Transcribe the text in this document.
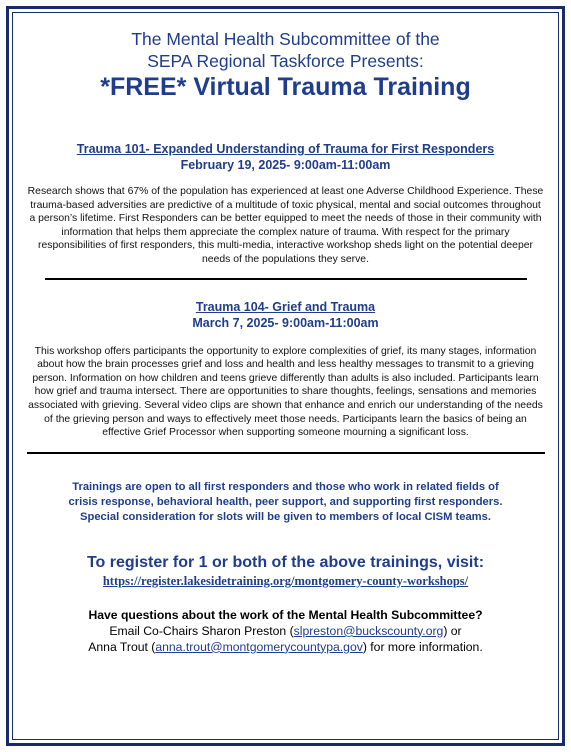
The Mental Health Subcommittee of the

SEPA Regional Taskforce Presents:

*FREE* Virtual Trauma Training

Trauma 101- Expanded Understanding of Trauma for First Responders

February 19, 2025- 9:00am-11:00am

Research shows that 67% of the population has experienced at least one Adverse Childhood Experience. These trauma-based adversities are predictive of a multitude of toxic physical, mental and social outcomes throughout a person’s lifetime. First Responders can be better equipped to meet the needs of those in their community with information that helps them appreciate the complex nature of trauma. With respect for the primary responsibilities of first responders, this multi-media, interactive workshop sheds light on the potential deeper needs of the populations they serve.

Trauma 104- Grief and Trauma

March 7, 2025- 9:00am-11:00am

This workshop offers participants the opportunity to explore complexities of grief, its many stages, information about how the brain processes grief and loss and health and less healthy messages to transmit to a grieving person. Information on how children and teens grieve differently than adults is also included. Participants learn how grief and trauma intersect. There are opportunities to share thoughts, feelings, sensations and memories associated with grieving. Several video clips are shown that enhance and enrich our understanding of the needs of the grieving person and ways to effectively meet those needs. Participants learn the basics of being an effective Grief Processor when supporting someone mourning a significant loss.

Trainings are open to all first responders and those who work in related fields of

crisis response, behavioral health, peer support, and supporting first responders.

Special consideration for slots will be given to members of local CISM teams.

To register for 1 or both of the above trainings, visit:

https://register.lakesidetraining.org/montgomery-county-workshops/

Have questions about the work of the Mental Health Subcommittee?

Email Co-Chairs Sharon Preston (slpreston@buckscounty.org) or

Anna Trout (anna.trout@montgomerycountypa.gov) for more information.
